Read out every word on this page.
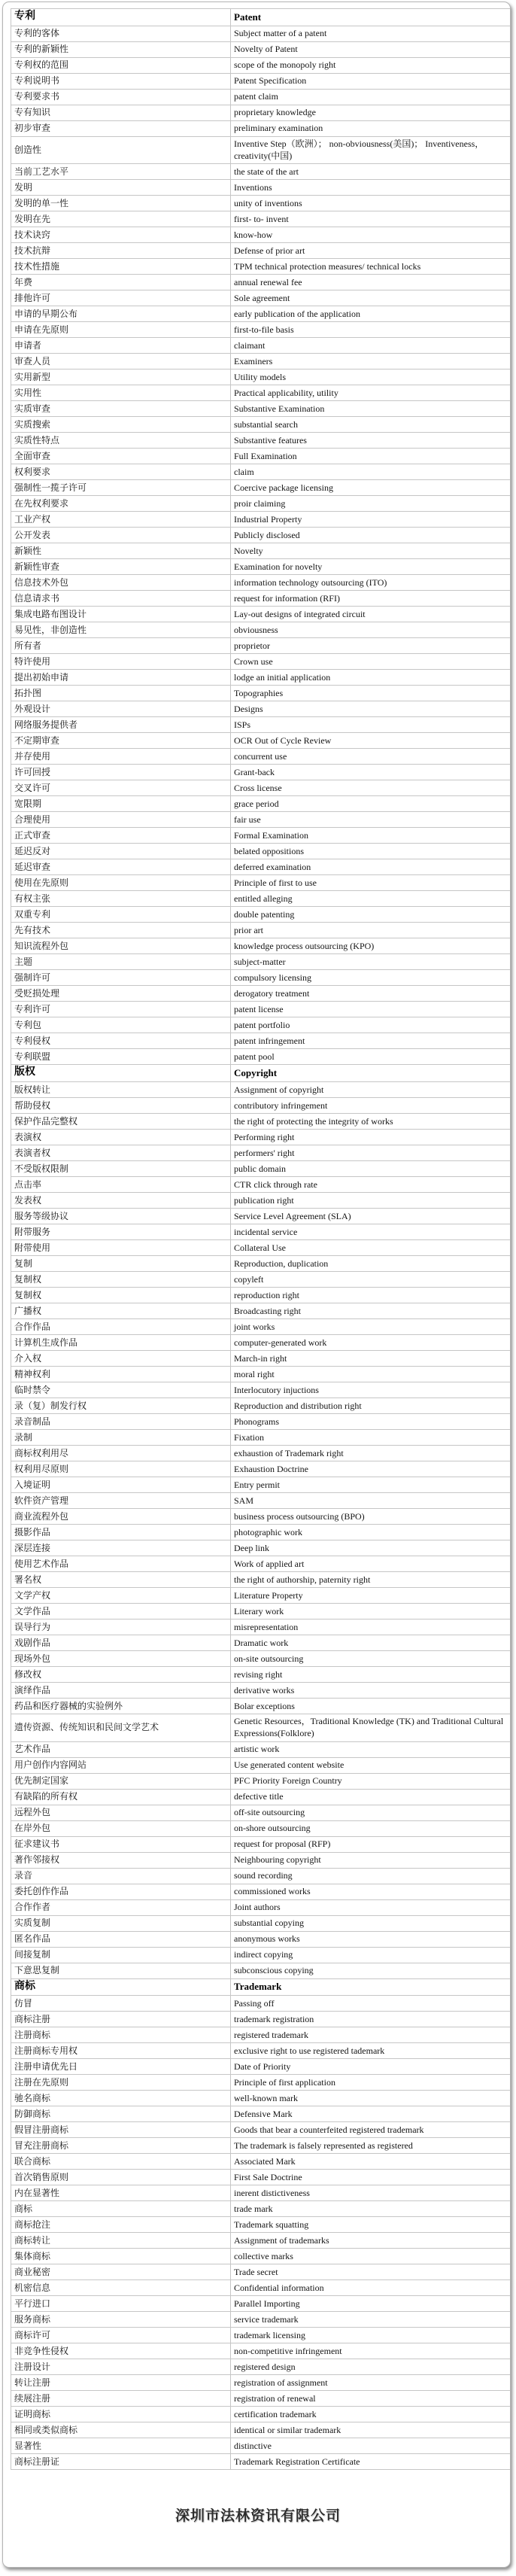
专利	Patent
专利的客体	Subject matter of a patent
专利的新颖性	Novelty of Patent
专利权的范围	scope of the monopoly right
专利说明书	Patent Specification
专利要求书	patent claim
专有知识	proprietary knowledge
初步审查	preliminary examination
创造性	Inventive Step（欧洲）； non-obviousness(美国)； Inventiveness，creativity(中国)
当前工艺水平	the state of the art
发明	Inventions
发明的单一性	unity of inventions
发明在先	first- to- invent
技术诀窍	know-how
技术抗辩	Defense of prior art
技术性措施	TPM technical protection measures/ technical locks
年费	annual renewal fee
排他许可	Sole agreement
申请的早期公布	early publication of the application
申请在先原则	first-to-file basis
申请者	claimant
审查人员	Examiners
实用新型	Utility models
实用性	Practical applicability, utility
实质审查	Substantive Examination
实质搜索	substantial search
实质性特点	Substantive features
全面审查	Full Examination
权利要求	claim
强制性一揽子许可	Coercive package licensing
在先权利要求	proir claiming
工业产权	Industrial Property
公开发表	Publicly disclosed
新颖性	Novelty
新颖性审查	Examination for novelty
信息技术外包	information technology outsourcing (ITO)
信息请求书	request for information (RFI)
集成电路布图设计	Lay-out designs of integrated circuit
易见性，非创造性	obviousness
所有者	proprietor
特许使用	Crown use
提出初始申请	lodge an initial application
拓扑图	Topographies
外观设计	Designs
网络服务提供者	ISPs
不定期审查	OCR Out of Cycle Review
并存使用	concurrent use
许可回授	Grant-back
交叉许可	Cross license
宽限期	grace period
合理使用	fair use
正式审查	Formal Examination
延迟反对	belated oppositions
延迟审查	deferred examination
使用在先原则	Principle of first to use
有权主张	entitled alleging
双重专利	double patenting
先有技术	prior art
知识流程外包	knowledge process outsourcing (KPO)
主题	subject-matter
强制许可	compulsory licensing
受贬损处理	derogatory treatment
专利许可	patent license
专利包	patent portfolio
专利侵权	patent infringement
专利联盟	patent pool
版权	Copyright
版权转让	Assignment of copyright
帮助侵权	contributory infringement
保护作品完整权	the right of protecting the integrity of works
表演权	Performing right
表演者权	performers' right
不受版权限制	public domain
点击率	CTR click through rate
发表权	publication right
服务等级协议	Service Level Agreement (SLA)
附带服务	incidental service
附带使用	Collateral Use
复制	Reproduction, duplication
复制权	copyleft
复制权	reproduction right
广播权	Broadcasting right
合作作品	joint works
计算机生成作品	computer-generated work
介入权	March-in right
精神权利	moral right
临时禁令	Interlocutory injuctions
录（复）制发行权	Reproduction and distribution right
录音制品	Phonograms
录制	Fixation
商标权利用尽	exhaustion of Trademark right
权利用尽原则	Exhaustion Doctrine
入境证明	Entry permit
软件资产管理	SAM
商业流程外包	business process outsourcing (BPO)
摄影作品	photographic work
深层连接	Deep link
使用艺术作品	Work of applied art
署名权	the right of authorship, paternity right
文学产权	Literature Property
文学作品	Literary work
误导行为	misrepresentation
戏剧作品	Dramatic work
现场外包	on-site outsourcing
修改权	revising right
演绎作品	derivative works
药品和医疗器械的实验例外	Bolar exceptions
遗传资源、传统知识和民间文学艺术	Genetic Resources，Traditional Knowledge (TK) and Traditional Cultural Expressions(Folklore)
艺术作品	artistic work
用户创作内容网站	Use generated content website
优先制定国家	PFC Priority Foreign Country
有缺陷的所有权	defective title
远程外包	off-site outsourcing
在岸外包	on-shore outsourcing
征求建议书	request for proposal (RFP)
著作邻接权	Neighbouring copyright
录音	sound recording
委托创作作品	commissioned works
合作作者	Joint authors
实质复制	substantial copying
匿名作品	anonymous works
间接复制	indirect copying
下意思复制	subconscious copying
商标	Trademark
仿冒	Passing off
商标注册	trademark registration
注册商标	registered trademark
注册商标专用权	exclusive right to use registered tademark
注册申请优先日	Date of Priority
注册在先原则	Principle of first application
驰名商标	well-known mark
防御商标	Defensive Mark
假冒注册商标	Goods that bear a counterfeited registered trademark
冒充注册商标	The trademark is falsely represented as registered
联合商标	Associated Mark
首次销售原则	First Sale Doctrine
内在显著性	inerent distictiveness
商标	trade mark
商标抢注	Trademark squatting
商标转让	Assignment of trademarks
集体商标	collective marks
商业秘密	Trade secret
机密信息	Confidential information
平行进口	Parallel Importing
服务商标	service trademark
商标许可	trademark licensing
非竞争性侵权	non-competitive infringement
注册设计	registered design
转让注册	registration of assignment
续展注册	registration of renewal
证明商标	certification trademark
相同或类似商标	identical or similar trademark
显著性	distinctive
商标注册证	Trademark Registration Certificate
深圳市法林资讯有限公司
